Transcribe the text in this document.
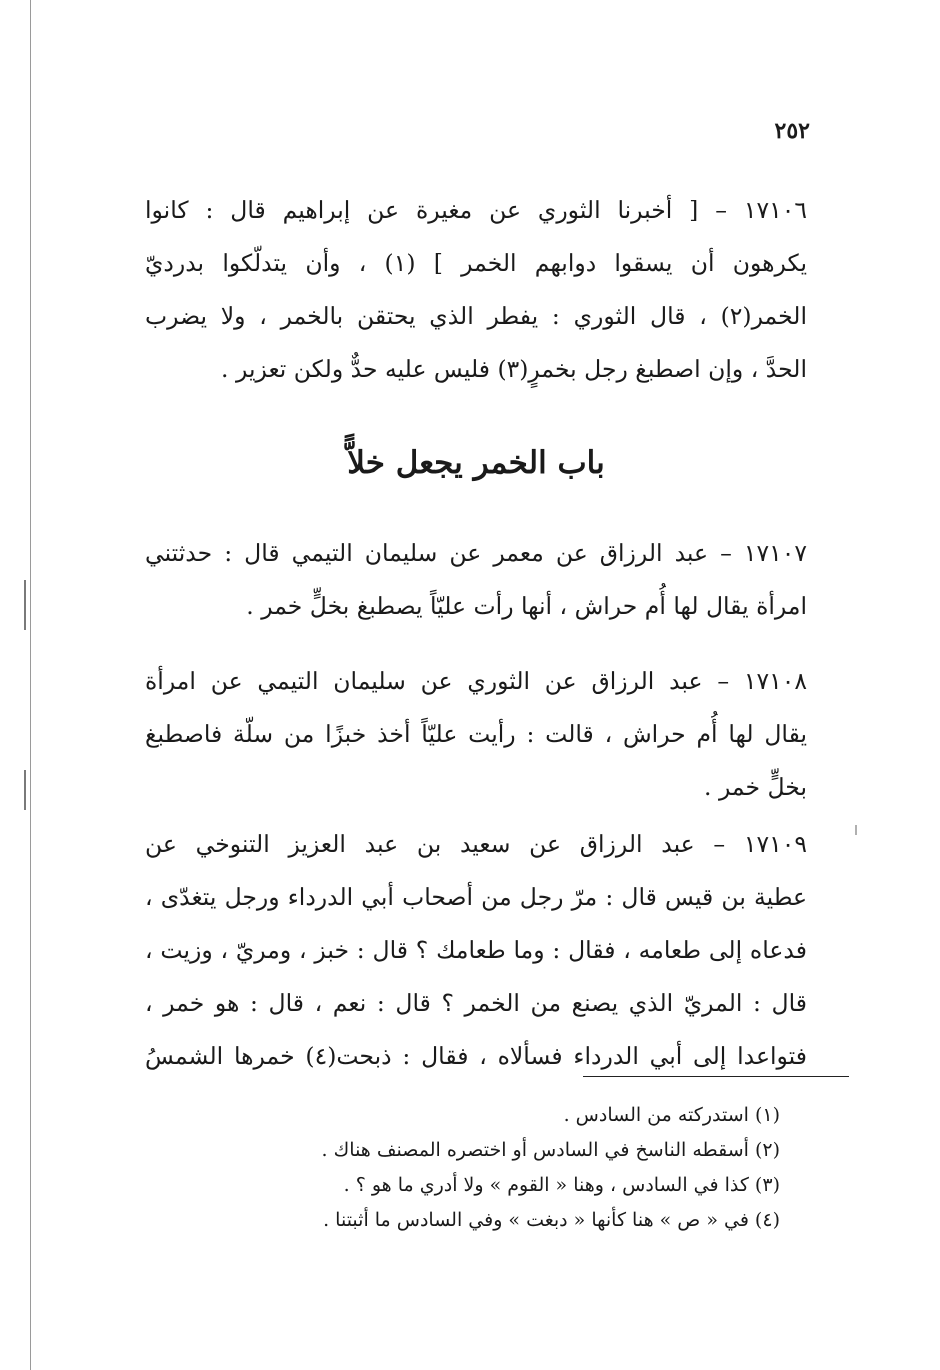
٢٥٢

١٧١٠٦ – [ أخبرنا الثوري عن مغيرة عن إبراهيم قال : كانوا
يكرهون أن يسقوا دوابهم الخمر ] (١) ، وأن يتدلّكوا بدرديّ
الخمر(٢) ، قال الثوري : يفطر الذي يحتقن بالخمر ، ولا يضرب
الحدَّ ، وإن اصطبغ رجل بخمرٍ(٣) فليس عليه حدٌّ ولكن تعزير .

باب الخمر يجعل خلاًّ

١٧١٠٧ – عبد الرزاق عن معمر عن سليمان التيمي قال : حدثتني
امرأة يقال لها أُم حراش ، أنها رأت عليّاً يصطبغ بخلٍّ خمر .

١٧١٠٨ – عبد الرزاق عن الثوري عن سليمان التيمي عن امرأة
يقال لها أُم حراش ، قالت : رأيت عليّاً أخذ خبزًا من سلّة فاصطبغ
بخلٍّ خمر .

١٧١٠٩ – عبد الرزاق عن سعيد بن عبد العزيز التنوخي عن
عطية بن قيس قال : مرّ رجل من أصحاب أبي الدرداء ورجل يتغدّى ،
فدعاه إلى طعامه ، فقال : وما طعامك ؟ قال : خبز ، ومريّ ، وزيت ،
قال : المريّ الذي يصنع من الخمر ؟ قال : نعم ، قال : هو خمر ،
فتواعدا إلى أبي الدرداء فسألاه ، فقال : ذبحت(٤) خمرها الشمسُ

(١) استدركته من السادس .
(٢) أسقطه الناسخ في السادس أو اختصره المصنف هناك .
(٣) كذا في السادس ، وهنا « القوم » ولا أدري ما هو ؟ .
(٤) في « ص » هنا كأنها « دبغت » وفي السادس ما أثبتنا .
